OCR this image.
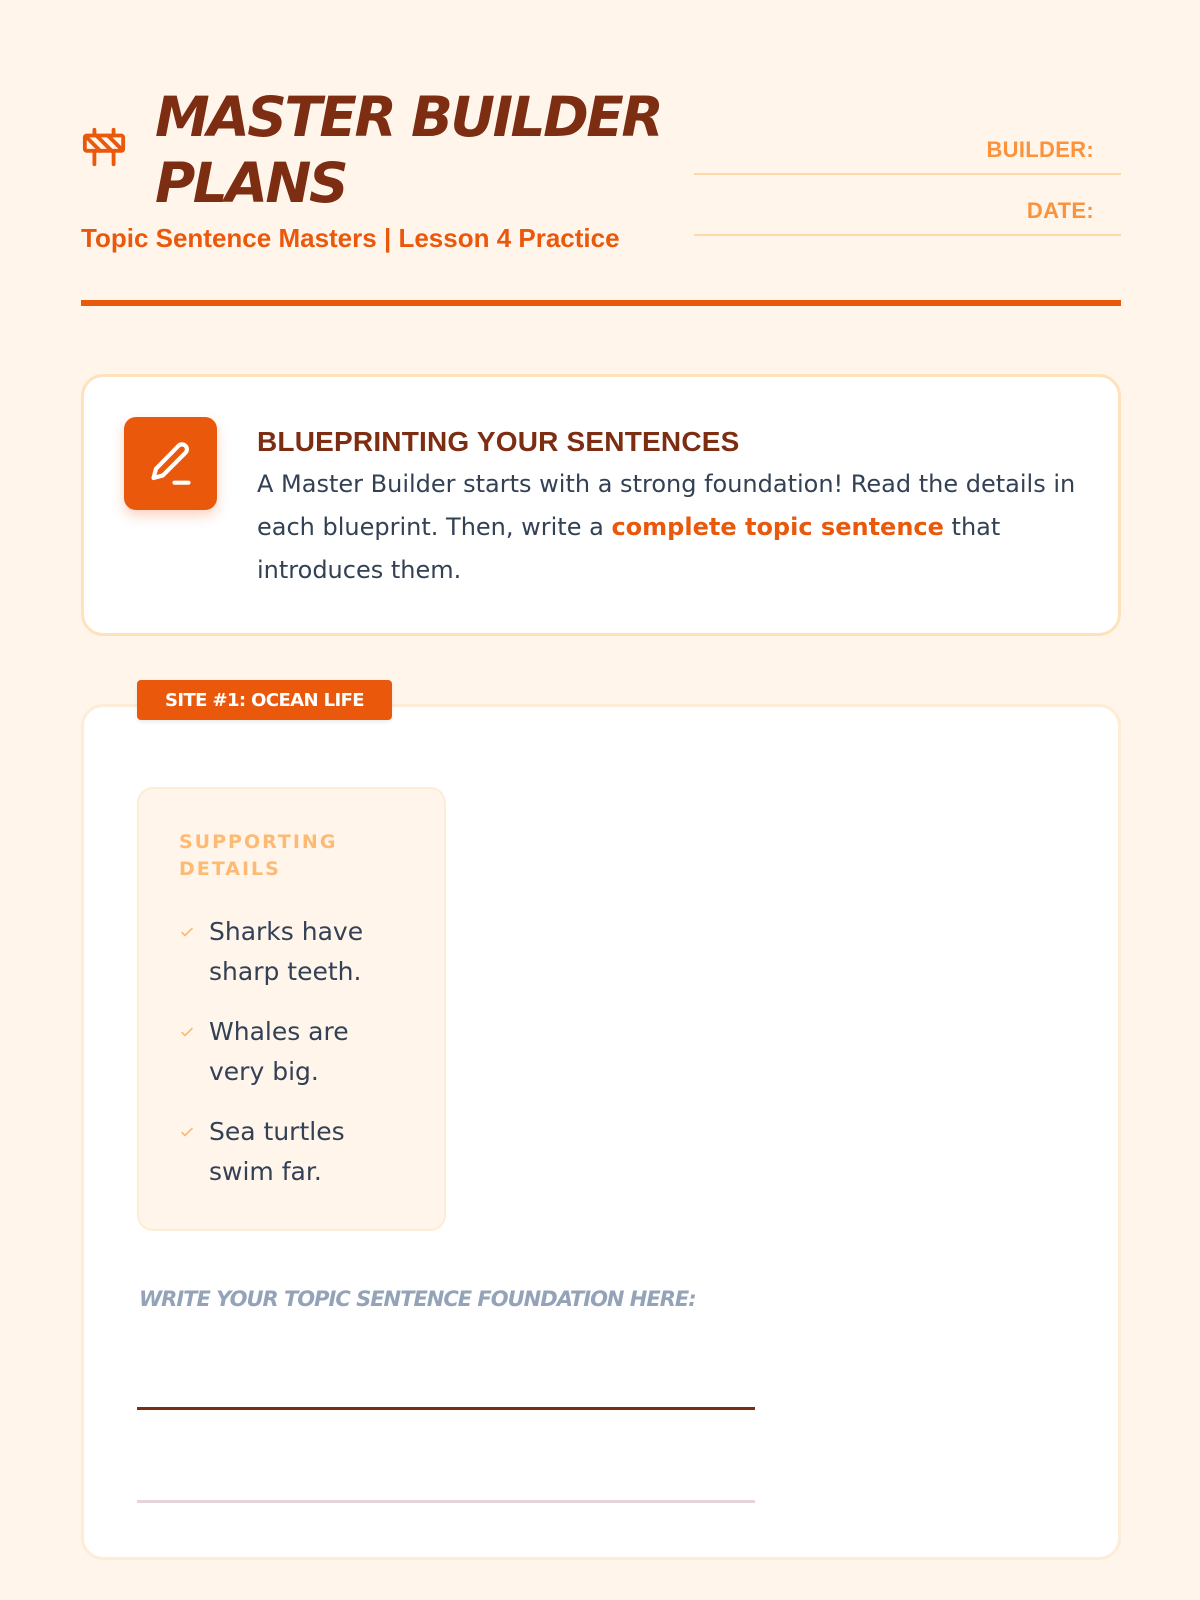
MASTER BUILDER PLANS
Topic Sentence Masters | Lesson 4 Practice
BUILDER:
DATE:
BLUEPRINTING YOUR SENTENCES

A Master Builder starts with a strong foundation! Read the details in each blueprint. Then, write a complete topic sentence that introduces them.

SITE #1: OCEAN LIFE
SUPPORTING DETAILS
Sharks have sharp teeth.
Whales are very big.
Sea turtles swim far.
WRITE YOUR TOPIC SENTENCE FOUNDATION HERE:
